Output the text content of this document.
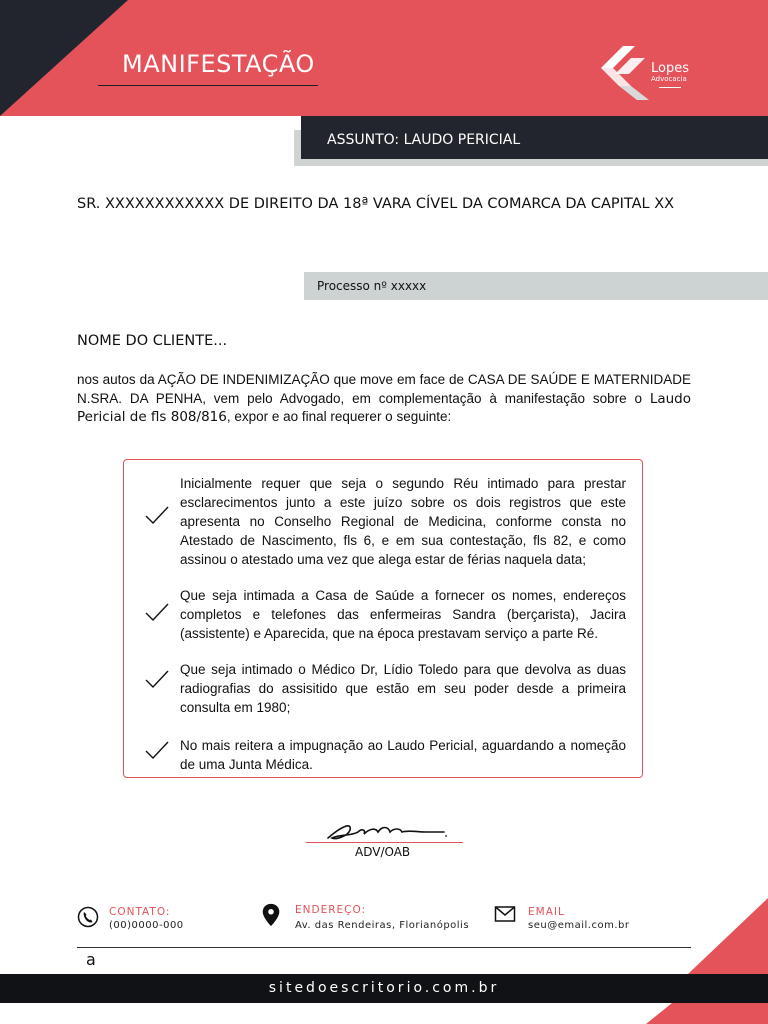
MANIFESTAÇÃO	Lopes
Advocacia
ASSUNTO: LAUDO PERICIAL
SR. XXXXXXXXXXXX DE DIREITO DA 18ª VARA CÍVEL DA COMARCA DA CAPITAL XX
Processo nº xxxxx
NOME DO CLIENTE...
nos autos da AÇÃO DE INDENIMIZAÇÃO que move em face de CASA DE SAÚDE E MATERNIDADE N.SRA. DA PENHA, vem pelo Advogado, em complementação à manifestação sobre o Laudo Pericial de fls 808/816, expor e ao final requerer o seguinte:
Inicialmente requer que seja o segundo Réu intimado para prestar esclarecimentos junto a este juízo sobre os dois registros que este apresenta no Conselho Regional de Medicina, conforme consta no Atestado de Nascimento, fls 6, e em sua contestação, fls 82, e como assinou o atestado uma vez que alega estar de férias naquela data;
Que seja intimada a Casa de Saúde a fornecer os nomes, endereços completos e telefones das enfermeiras Sandra (berçarista), Jacira (assistente) e Aparecida, que na época prestavam serviço a parte Ré.
Que seja intimado o Médico Dr, Lídio Toledo para que devolva as duas radiografias do assisitido que estão em seu poder desde a primeira consulta em 1980;
No mais reitera a impugnação ao Laudo Pericial, aguardando a nomeção de uma Junta Médica.
ADV/OAB
CONTATO:
(00)0000-000
ENDEREÇO:
Av. das Rendeiras, Florianópolis
EMAIL
seu@email.com.br
a
sitedoescritorio.com.br
